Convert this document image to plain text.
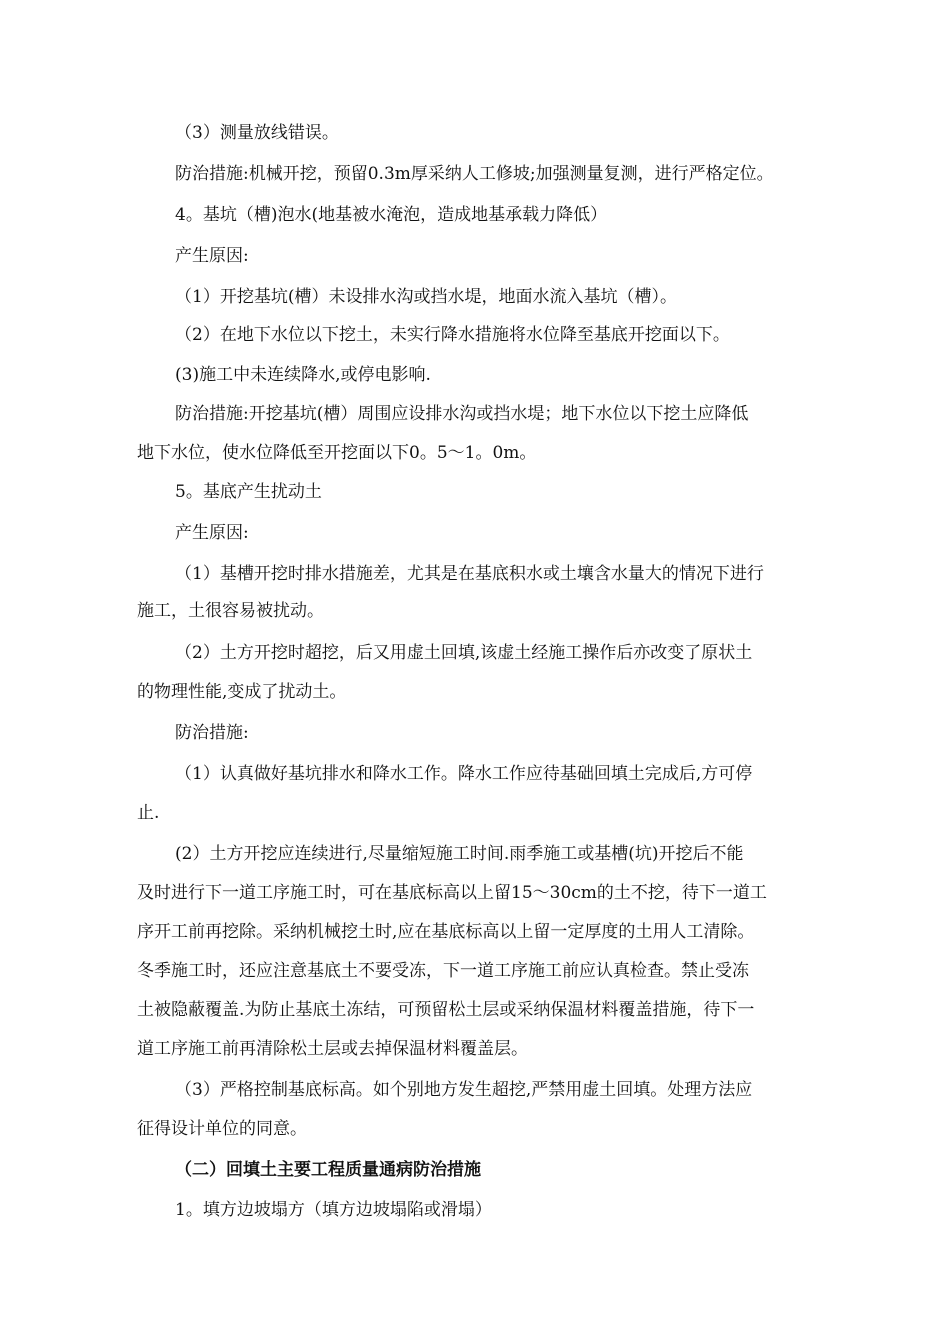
（3）测量放线错误。
防治措施:机械开挖，预留0.3m厚采纳人工修坡;加强测量复测，进行严格定位。
4。基坑（槽)泡水(地基被水淹泡，造成地基承载力降低）
产生原因:
（1）开挖基坑(槽）未设排水沟或挡水堤，地面水流入基坑（槽）。
（2）在地下水位以下挖土，未实行降水措施将水位降至基底开挖面以下。
(3)施工中未连续降水,或停电影响.
防治措施:开挖基坑(槽）周围应设排水沟或挡水堤；地下水位以下挖土应降低
地下水位，使水位降低至开挖面以下0。5～1。0m。
5。基底产生扰动土
产生原因:
（1）基槽开挖时排水措施差，尤其是在基底积水或土壤含水量大的情况下进行
施工，土很容易被扰动。
（2）土方开挖时超挖，后又用虚土回填,该虚土经施工操作后亦改变了原状土
的物理性能,变成了扰动土。
防治措施:
（1）认真做好基坑排水和降水工作。降水工作应待基础回填土完成后,方可停
止.
(2）土方开挖应连续进行,尽量缩短施工时间.雨季施工或基槽(坑)开挖后不能
及时进行下一道工序施工时，可在基底标高以上留15～30cm的土不挖，待下一道工
序开工前再挖除。采纳机械挖土时,应在基底标高以上留一定厚度的土用人工清除。
冬季施工时，还应注意基底土不要受冻，下一道工序施工前应认真检查。禁止受冻
土被隐蔽覆盖.为防止基底土冻结，可预留松土层或采纳保温材料覆盖措施，待下一
道工序施工前再清除松土层或去掉保温材料覆盖层。
（3）严格控制基底标高。如个别地方发生超挖,严禁用虚土回填。处理方法应
征得设计单位的同意。
（二）回填土主要工程质量通病防治措施
1。填方边坡塌方（填方边坡塌陷或滑塌）
